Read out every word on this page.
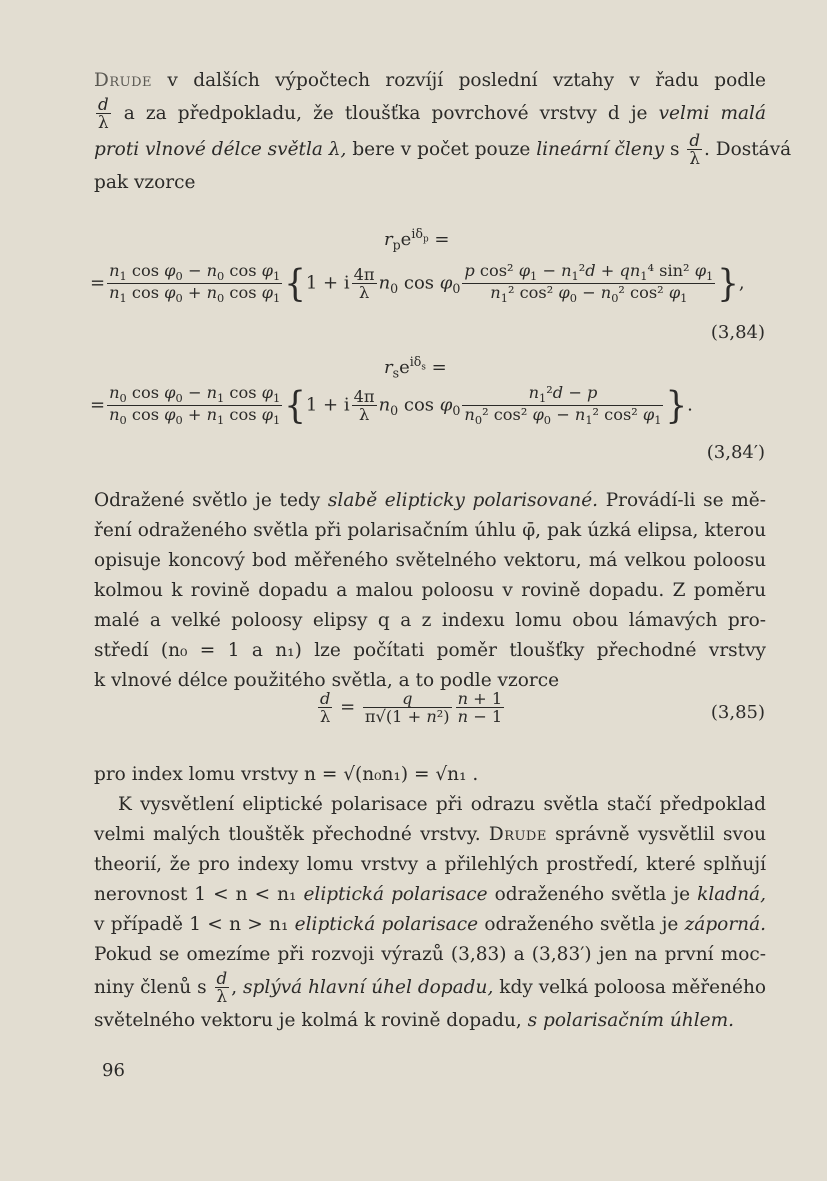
Drude v dalších výpočtech rozvíjí poslední vztahy v řadu podle
$\frac{d}{\lambda}$ a za předpokladu, že tloušťka povrchové vrstvy d je velmi malá
proti vlnové délce světla λ, bere v počet pouze lineární členy s $\frac{d}{\lambda}$ . Dostává
pak vzorce
$r_pe^{i\delta_p}$ =
= $\frac{n_1 \cos \varphi_0 - n_0 \cos \varphi_1}{n_1 \cos \varphi_0 + n_0 \cos \varphi_1} \{1 + i \frac{4\pi}{\lambda} n_0$ $\cos \varphi_0 \frac{p \cos^2 \varphi_1 - n_1^2d + qn_1^4 \sin^2 \varphi_1}{n_1^2 \cos^2 \varphi_0 - n_0^2 \cos^2 \varphi_1}$ },
(3,84)
$r_se^{i\delta_s}$ =
= $\frac{n_0 \cos \varphi_0 - n_1 \cos \varphi_1}{n_0 \cos \varphi_0 + n_1 \cos \varphi_1} \{1 + i \frac{4\pi}{\lambda} n_0$ $\cos \varphi_0 \frac{n_1^2d - p}{n_0^2 \cos^2 \varphi_0 - n_1^2 \cos^2 \varphi_1}$ }.
(3,84′)
Odražené světlo je tedy slabě elipticky polarisované. Provádí-li se mě-
ření odraženého světla při polarisačním úhlu φ̄, pak úzká elipsa, kterou
opisuje koncový bod měřeného světelného vektoru, má velkou poloosu
kolmou k rovině dopadu a malou poloosu v rovině dopadu. Z poměru
malé a velké poloosy elipsy q a z indexu lomu obou lámavých pro-
středí (n₀ = 1 a n₁) lze počítati poměr tloušťky přechodné vrstvy
k vlnové délce použitého světla, a to podle vzorce
$\frac{d}{\lambda} = \frac{q}{\text{π√(1 + n²)}} \frac{n + 1}{n - 1}$	(3,85)
pro index lomu vrstvy n = √(n₀n₁) = √n₁ .
K vysvětlení eliptické polarisace při odrazu světla stačí předpoklad
velmi malých tlouštěk přechodné vrstvy. Drude správně vysvětlil svou
theorií, že pro indexy lomu vrstvy a přilehlých prostředí, které splňují
nerovnost 1 < n < n₁ eliptická polarisace odraženého světla je kladná,
v případě 1 < n > n₁ eliptická polarisace odraženého světla je záporná.
Pokud se omezíme při rozvoji výrazů (3,83) a (3,83′) jen na první moc-
niny členů s $\frac{d}{\lambda}$ , splývá hlavní úhel dopadu, kdy velká poloosa měřeného
světelného vektoru je kolmá k rovině dopadu, s polarisačním úhlem.
96
